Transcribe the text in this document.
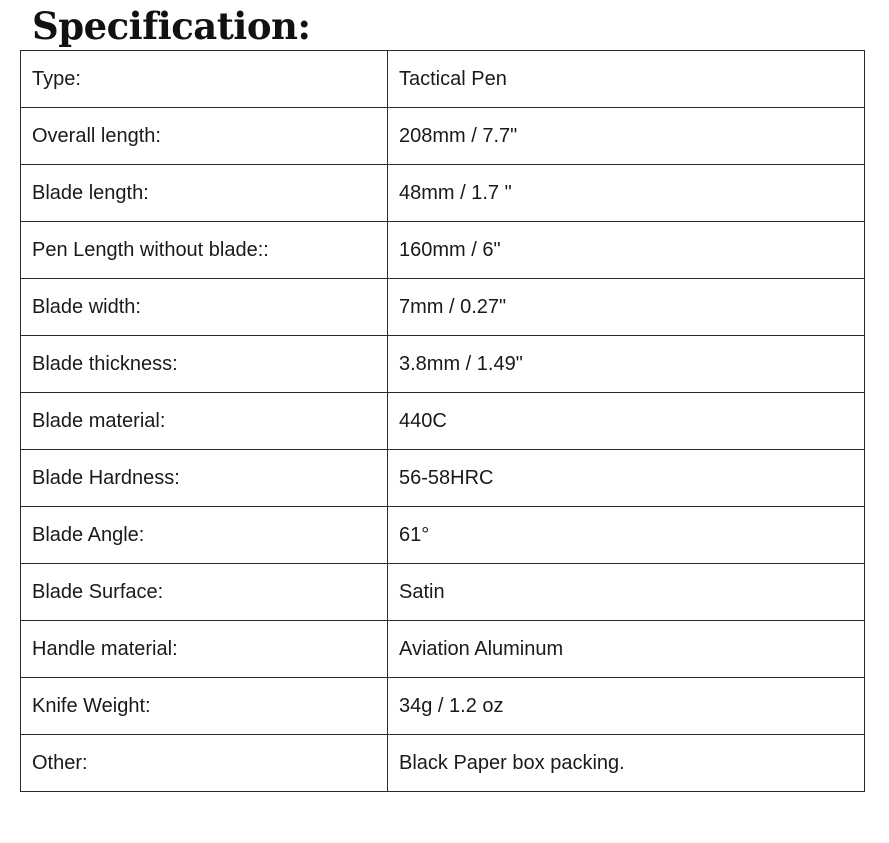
Specification:
Type:	Tactical Pen
Overall length:	208mm / 7.7"
Blade length:	48mm / 1.7 "
Pen Length without blade::	160mm / 6"
Blade width:	7mm / 0.27"
Blade thickness:	3.8mm / 1.49"
Blade material:	440C
Blade Hardness:	56-58HRC
Blade Angle:	61°
Blade Surface:	Satin
Handle material:	Aviation Aluminum
Knife Weight:	34g / 1.2 oz
Other:	Black Paper box packing.
